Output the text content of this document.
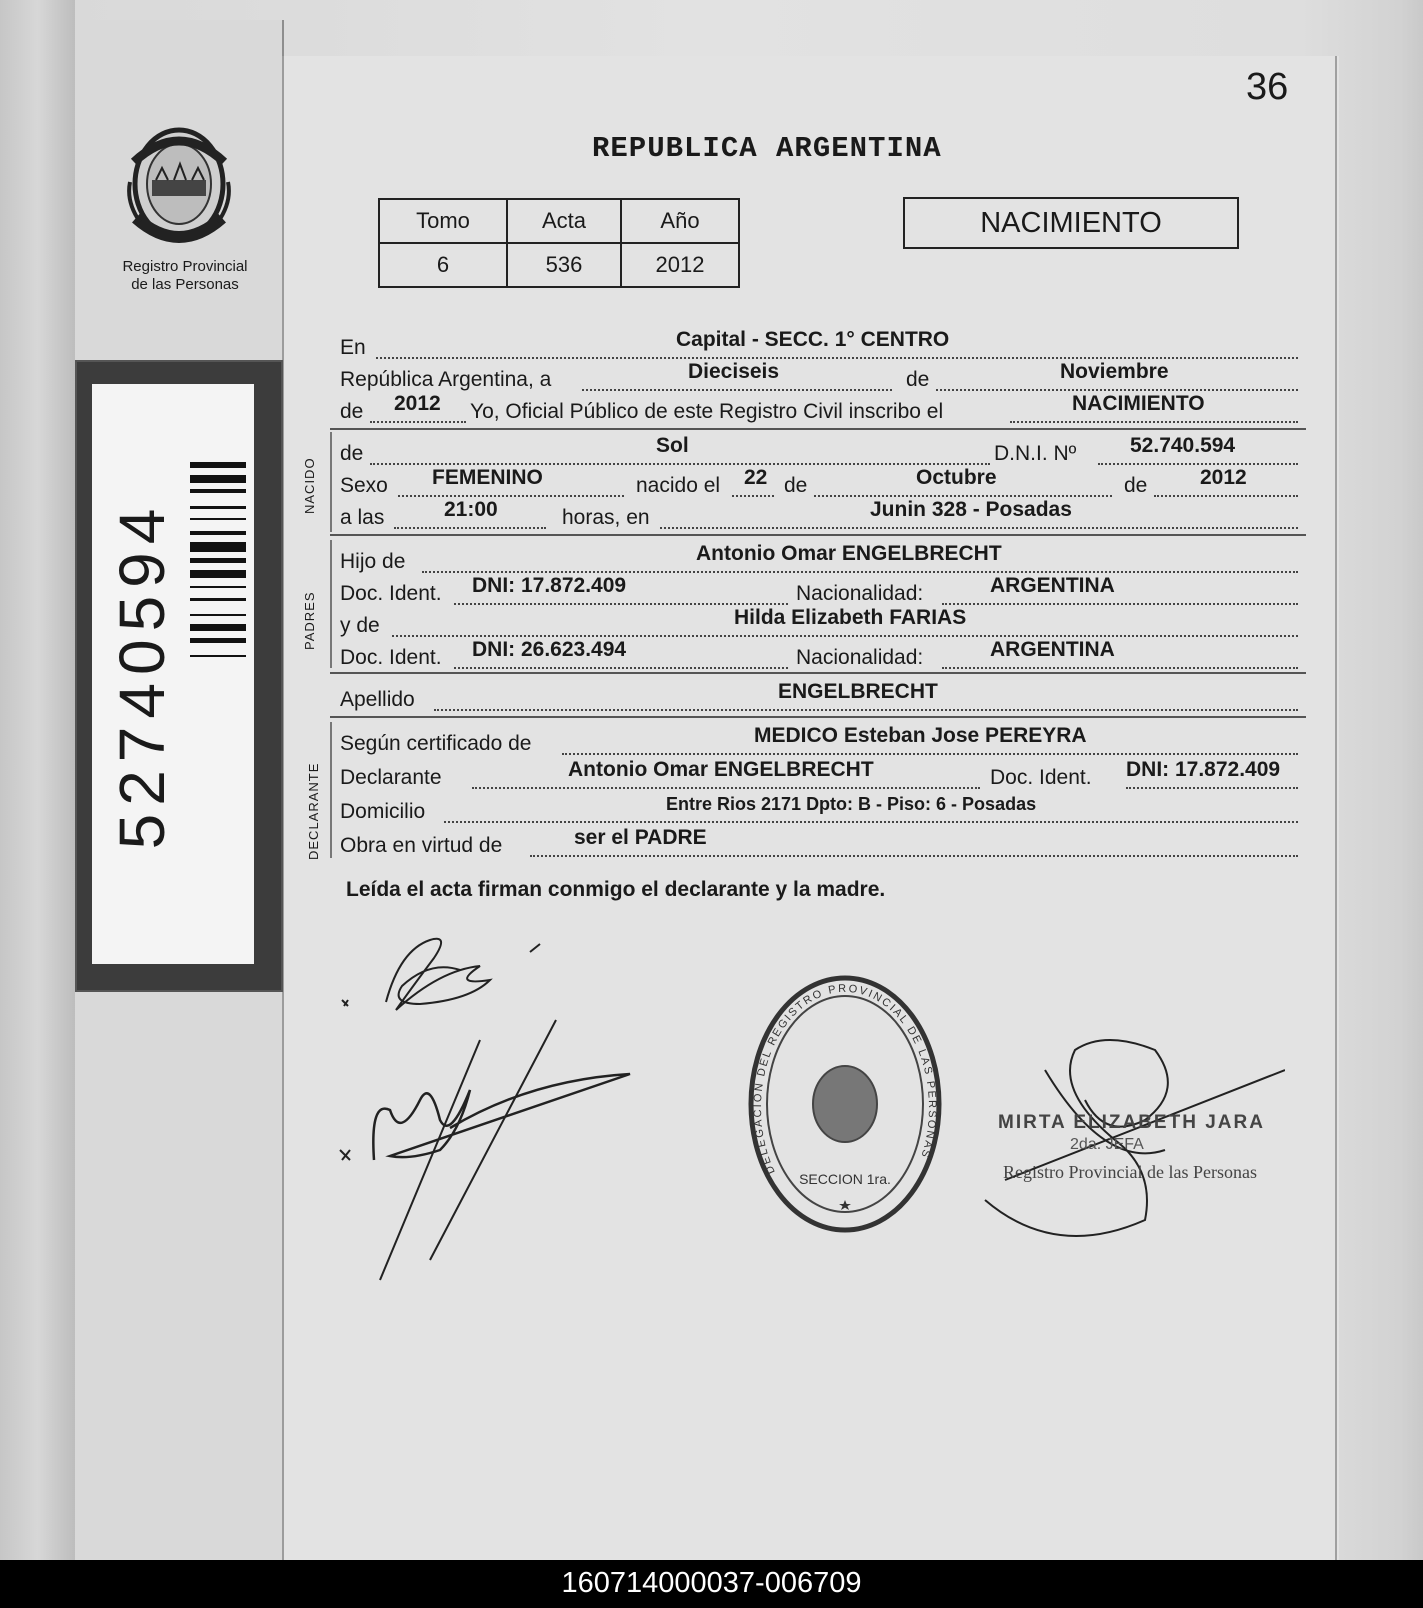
Registro Provincial
de las Personas
52740594
36
REPUBLICA ARGENTINA
Tomo	Acta	Año
6	536	2012
NACIMIENTO
En	Capital - SECC. 1° CENTRO
República Argentina, a	Dieciseis	de	Noviembre
de 2012 Yo, Oficial Público de este Registro Civil inscribo el	NACIMIENTO
NACIDO
de	Sol	D.N.I. Nº	52.740.594
Sexo FEMENINO	nacido el 22 de	Octubre	de	2012
a las	21:00	horas, en	Junin 328 - Posadas
PADRES
Hijo de	Antonio Omar ENGELBRECHT
Doc. Ident. DNI: 17.872.409	Nacionalidad:	ARGENTINA
y de	Hilda Elizabeth FARIAS
Doc. Ident. DNI: 26.623.494	Nacionalidad:	ARGENTINA
Apellido	ENGELBRECHT
DECLARANTE
Según certificado de	MEDICO Esteban Jose PEREYRA
Declarante	Antonio Omar ENGELBRECHT	Doc. Ident. DNI: 17.872.409
Domicilio	Entre Rios 2171 Dpto: B - Piso: 6 - Posadas
Obra en virtud de	ser el PADRE
Leída el acta firman conmigo el declarante y la madre.
SECCION 1ra.
DELEGACION DEL REGISTRO PROVINCIAL DE LAS PERSONAS
MIRTA ELIZABETH JARA
2da. JEFA
Registro Provincial de las Personas
160714000037-006709
